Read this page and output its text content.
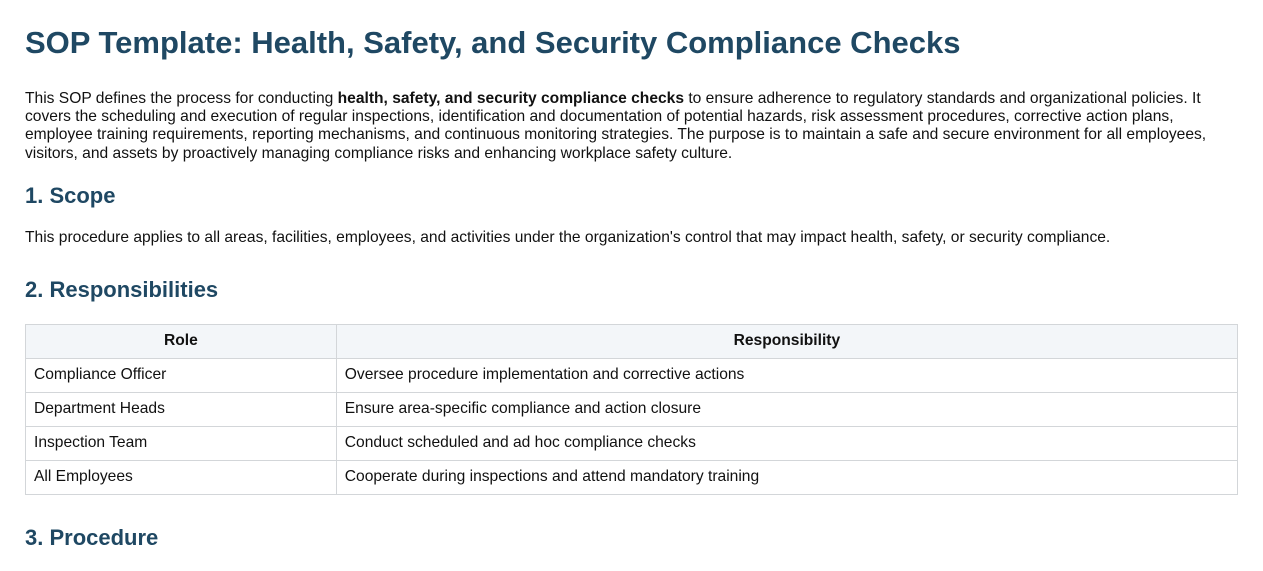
SOP Template: Health, Safety, and Security Compliance Checks

This SOP defines the process for conducting health, safety, and security compliance checks to ensure adherence to regulatory standards and organizational policies. It covers the scheduling and execution of regular inspections, identification and documentation of potential hazards, risk assessment procedures, corrective action plans, employee training requirements, reporting mechanisms, and continuous monitoring strategies. The purpose is to maintain a safe and secure environment for all employees, visitors, and assets by proactively managing compliance risks and enhancing workplace safety culture.

1. Scope

This procedure applies to all areas, facilities, employees, and activities under the organization's control that may impact health, safety, or security compliance.

2. Responsibilities
Role	Responsibility
Compliance Officer	Oversee procedure implementation and corrective actions
Department Heads	Ensure area-specific compliance and action closure
Inspection Team	Conduct scheduled and ad hoc compliance checks
All Employees	Cooperate during inspections and attend mandatory training
3. Procedure
